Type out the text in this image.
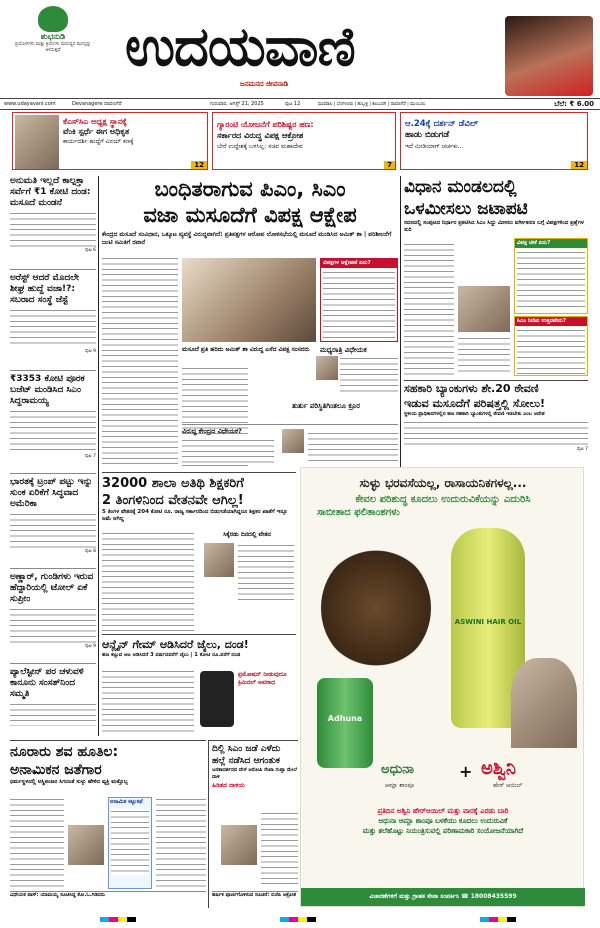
ಶುಭನುಡಿ
ಪ್ರಯೋಗಗಳು ಮತ್ತು ಕ್ರಿಯೆಗಳು ಮನುಷ್ಯನ ಮನಸ್ಸನ್ನು ಆಳಸುತ್ತವೆ	ಉದಯವಾಣಿ
ಜನಮನದ ಜೀವನಾಡಿ
www.udayavani.com	Devanagere ದಾವಣಗೆರೆ	ಗುರುವಾರ, ಆಗಸ್ಟ್ 21, 2025	ಪುಟ 12	ಮಣಿಪಾಲ | ಬೆಂಗಳೂರು | ಹುಬ್ಬಳ್ಳಿ | ಕಲಬುರಗಿ | ದಾವಣಗೆರೆ | ಮುಂಬಯಿ	ಬೆಲೆ: ₹ 6.00
ಕೆಎಸ್‌ಸಿಎ ಅಧ್ಯಕ್ಷ ಸ್ಥಾನಕ್ಕೆ
ವೆಂಕಿ ಸ್ಪರ್ಧೆ ಈಗ ಅಧಿಕೃತ
ಕಾರ್ಯದರ್ಶಿ ಹುದ್ದೆಗೆ ವಿನಯ್ ಕಣಕ್ಕೆ
12
ಗ್ಯಾರಂಟಿ ಯೋಜನೆಗೆ ಪರಿಶಿಷ್ಟರ ಹಣ:
ಸರ್ಕಾರದ ವಿರುದ್ಧ ವಿಪಕ್ಷ ಆಕ್ರೋಶ
ಬೇರೆ ಉದ್ದೇಶಕ್ಕೆ ಬಳಸಿಲ್ಲ: ಸಚಿವ ಮಹಾದೇವ
7
ಆ.24ಕ್ಕೆ ದರ್ಶನ್ ಡೆವಿಲ್
ಹಾಡು ಬಿಡುಗಡೆ
ಇದೆ ಮೀಡಿಯಾಗ್ ಚರ್ಚಕು...
12
ಅನುಮತಿ ಇಲ್ಲದೆ ಕಾಲ್ಪಕ್ತಾ ಸರ್ವೆಗೆ ₹1 ಕೋಟಿ ದಂಡ: ಮಸೂದೆ ಮಂಡನೆ
ಪುಟ 6
ಅರೆಸ್ಟ್ ಆದರೆ ಮೊದಲೇ ಶೀಘ್ರ ಹುದ್ದೆ ವಜಾ!?: ಸಬರಾದ ಸಂಸ್ಥೆ ಜೆಸ್ಟೆ
ಪುಟ 9
₹3353 ಕೋಟಿ ಪೂರಕ ಬಜೆಟ್ ಮಂಡಿಸಿದ ಸಿಎಂ ಸಿದ್ದರಾಮಯ್ಯ
ಪುಟ 7
ಭಾರತಕ್ಕೆ ಟ್ರಂಪ್ ಪಟ್ಟು ಇನ್ನು ಸುಂಕ ಏರಿಕೆಗೆ ಸಿದ್ಧವಾದ ಅಮೆರಿಕಾ
ಪುಟ 8
ಅಣ್ಣಾರ್, ಗುಂಡಿಗಳು ಇರುವ ಹೆದ್ದಾರಿಯಲ್ಲಿ ಟೋಲ್ ಏಕೆ ಸುಪ್ರೀಂ
ಪುಟ 9
ಪ್ಯಾಲೆಸ್ಟೀನ್ ಪರ ಚಳುವಳಿ ಕಾನೂನು ಸಂಸತ್‌ನಿಂದ ಸಮ್ಮತಿ
ಬಂಧಿತರಾಗುವ ಪಿಎಂ, ಸಿಎಂ
ವಜಾ ಮಸೂದೆಗೆ ವಿಪಕ್ಷ ಆಕ್ಷೇಪ
ಕೇಂದ್ರದ ಮಸೂದೆ ಸಂವಿಧಾನ, ಒಕ್ಕೂಟ ವ್ಯವಸ್ಥೆ ವಿರುದ್ಧವಾಗಿದೆ: ಪ್ರತಿಪಕ್ಷಗಳ ಆರೋಪ ಲೋಕಸಭೆಯಲ್ಲಿ ಮಸೂದೆ ಮಂಡಿಸಿದ ಅಮಿತ್ ಶಾ | ಪರಿಶೀಲನೆಗೆ ಜಂಟಿ ಸಮಿತಿಗೆ ರವಾನೆ
ಮಸೂದೆ ಪ್ರತಿ ಹರಿದು ಅಮಿತ್ ಶಾ ವಿರುದ್ಧ ಎಸೆದ ವಿಪಕ್ಷ ಸಂಸದರು
ವಿಪಕ್ಷಗಳ ಆಕ್ಷೇಪಣೆ ಏನು?
ಮಧ್ಯರಾತ್ರಿ ವಿಧೇಯಕ
ತುರ್ತು ಪರಿಸ್ಥಿತಿಗಿಂತಲೂ ಕ್ರೂರ
ವಿರುದ್ಧ ಕೇಂದ್ರದ ವಿಧೇಯಕ?
ವಿಧಾನ ಮಂಡಲದಲ್ಲಿ
ಒಳಮೀಸಲು ಜಟಾಪಟಿ
ಸದನದಲ್ಲಿ ಸಂಪುಟದ ನಿರ್ಧಾರ ಪ್ರಕಟಿಸಿದ ಸಿಎಂ ಸಿದ್ದು ಮೀಸಲು ವರ್ಗೀಕರಣ ಬಗ್ಗೆ ವಿಪಕ್ಷಗಳಿಂದ ಪ್ರಶ್ನೆಗಳ ಸುರಿ
ವಿಪಕ್ಷ ಟೀಕೆ ಏನು?
ಸಿಎಂ ನೀಡಿದ ಉತ್ತರವೇನು?
ಸಹಕಾರಿ ಬ್ಯಾಂಕುಗಳು ಶೇ.20 ಠೇವಣಿ
ಇಡುವ ಮಸೂದೆಗೆ ಪರಿಷತ್ತಲ್ಲಿ ಸೋಲು!
ಸ್ಥಳೀಯ ಪ್ರಾಧಿಕಾರಗಳಲ್ಲಿನ ಹಣ ಸಹಕಾರಿ ಬ್ಯಾಂಕುಗಳಲ್ಲಿ ಠೇವಣಿ ಇಡಬೇಕು ಎಂಬ ಆದೇಶ
ಪುಟ 7
32000 ಶಾಲಾ ಅತಿಥಿ ಶಿಕ್ಷಕರಿಗೆ
2 ತಿಂಗಳಿನಿಂದ ವೇತನವೇ ಆಗಿಲ್ಲ!
5 ತಿಂಗಳ ವೇತನಕ್ಕೆ 204 ಕೋಟಿ ರೂ. ರಾಜ್ಯ ಸರ್ಕಾರದಿಂದ ಬಿಡುಗಡೆಯಾಗಿದ್ದರೂ ಶಿಕ್ಷಕರ ಖಾತೆಗೆ ಇನ್ನೂ ಜಮೆ ಆಗಿಲ್ಲ
ಸಿಕ್ಕೆರಡು ದಿನದಲ್ಲಿ ವೇತನ
ಆನ್ಲೈನ್ ಗೇಮ್ ಆಡಿಸಿದರೆ ಜೈಲು, ದಂಡ!
ಹಣ ಕಟ್ಟುವ ಆಟ ಆಡಿಸಿದರೆ 3 ವರ್ಷದವರೆಗೆ ಜೈಲು | 1 ಕೋಟಿ ರೂ.ವರೆಗೆ ದಂಡ
ಪ್ರಮೋಷನ್ ನೀಡುವುದೂ ಕ್ರಿಮಿನಲ್ ಅಪರಾಧ
ನೂರಾರು ಶವ ಹೂತಿಲ:
ಅನಾಮಿಕನ ಜತೆಗಾರ
ಧರ್ಮಸ್ಥಳದಲ್ಲಿ ಅಸ್ಥಿಪಂಜರ ಸಿಗದಂತೆ ಸುಳ್ಳು ಹೇಳಿದ ವ್ಯಕ್ತಿ ಮತ್ತೊಬ್ಬ
ಅನಾಮಿಕ ಕಟ್ಟುಕಥೆ
ವಿಧೇಯಕ ಪಾಸ್: ಯಾಮಯ್ಯ ಸೂಚಿಸಿದ್ದ ಕೋ.ಓ.ಗಿಡಿದರು
ದಿಲ್ಲಿ ಸಿಎಂ ಜಡೆ ಎಳೆದು
ಹಲ್ಲೆ ನಡೆಸಿದ ಆಗಂತುಕ
ಜನತಾದರ್ಶನದ ವೇಳೆ ಆರೋಪಿ ರೇಖಾ ಗುಪ್ತಾ ಮೇಲೆ ದಾಳಿ
ಹಿಡಿತದ ದಾಳಿಯ
ಹರ್ಷಿಕ ಪೂರ್ಣಗೊಳಿಸುವ ಸೂಚನೆ: ಬಿಜೆಪಿ ಆಕ್ರೋಶ
ಸುಳ್ಳು ಭರವಸೆಯಲ್ಲ, ರಾಸಾಯನಿಕಗಳಲ್ಲ...
ಕೇವಲ ಪರಿಶುದ್ಧ ಕೂದಲು ಉದುರುವಿಕೆಯನ್ನು ಎದುರಿಸಿ
ಸಾಬೀತಾದ ಫಲಿತಾಂಶಗಳು
ASWINI HAIR OIL
Adhuna
ಅಧುನಾ
ಆಮ್ಲಾ ಶಾಂಪೂ
+ ಅಶ್ವಿನಿ
ಹೇರ್ ಆಯಿಲ್
ಪ್ರತಿದಿನ ಅಶ್ವಿನಿ ಹೇರ್‌ಆಯಿಲ್ ಮತ್ತು ವಾರಕ್ಕೆ ಎರಡು ಬಾರಿ
ಅಧುನಾ ಆಮ್ಲಾ ಶಾಂಪೂ ಬಳಕೆಯು ಕೂದಲು ಉದುರುವಿಕೆ
ಮತ್ತು ತಲೆಹೊಟ್ಟು ನಿಯಂತ್ರಿಸುವಲ್ಲಿ ಪರಿಣಾಮಕಾರಿ ಸಂಯೋಜನೆಯಾಗಿದೆ
ವಿಚಾರಣೆಗಳಿಗೆ ಮತ್ತು ಗ್ರಾಹಕ ಸೇವಾ ಸಂಪರ್ಕಿಸಿ ☎ 18008435599
